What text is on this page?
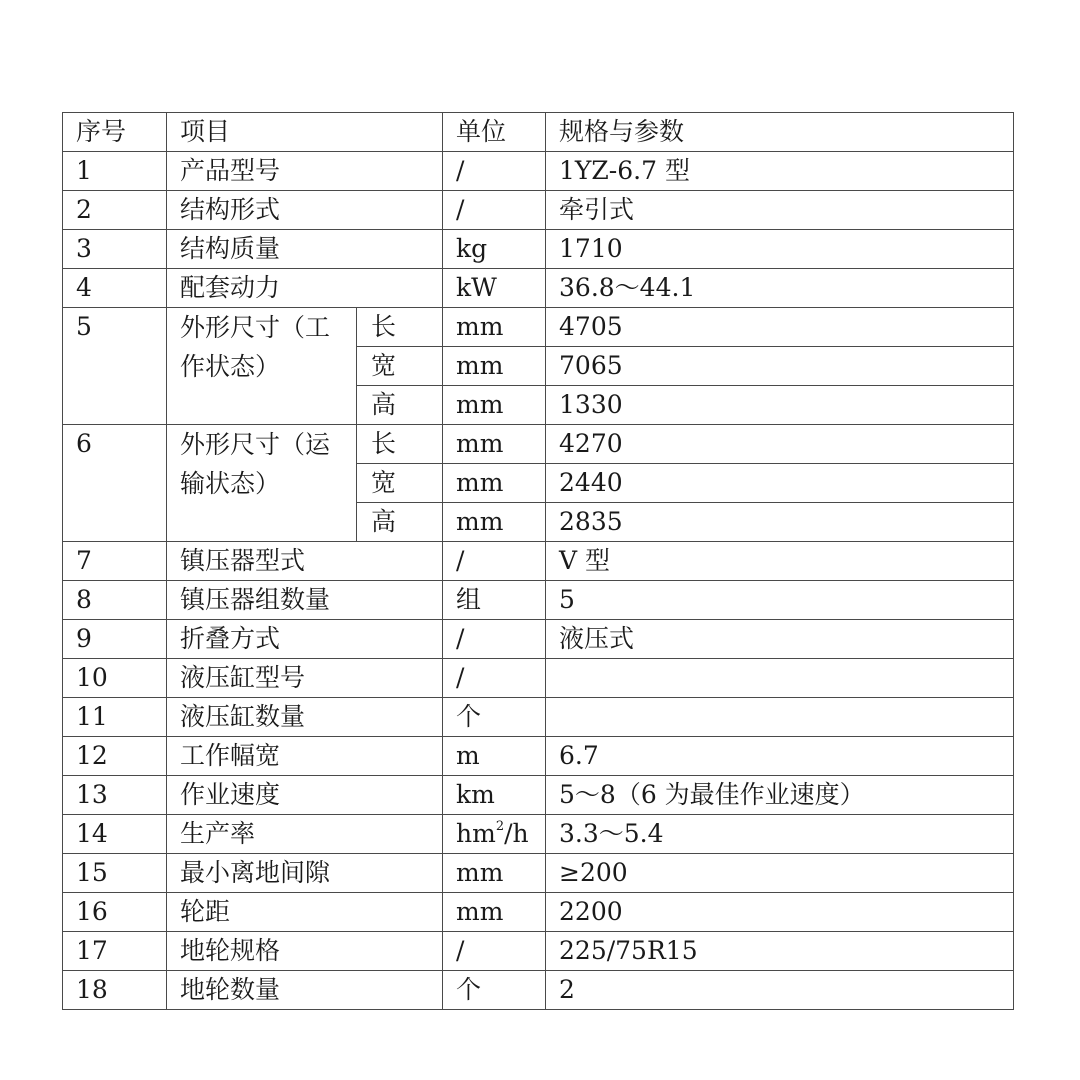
序号	项目		单位	规格与参数
1	产品型号		/	1YZ-6.7 型
2	结构形式		/	牵引式
3	结构质量		kg	1710
4	配套动力		kW	36.8～44.1
5	外形尺寸（工作状态）	长	mm	4705
		宽	mm	7065
		高	mm	1330
6	外形尺寸（运输状态）	长	mm	4270
		宽	mm	2440
		高	mm	2835
7	镇压器型式		/	V 型
8	镇压器组数量		组	5
9	折叠方式		/	液压式
10	液压缸型号		/	
11	液压缸数量		个	
12	工作幅宽		m	6.7
13	作业速度		km	5～8（6 为最佳作业速度）
14	生产率		$hm^2/h$	3.3～5.4
15	最小离地间隙		mm	≥200
16	轮距		mm	2200
17	地轮规格		/	225/75R15
18	地轮数量		个	2
